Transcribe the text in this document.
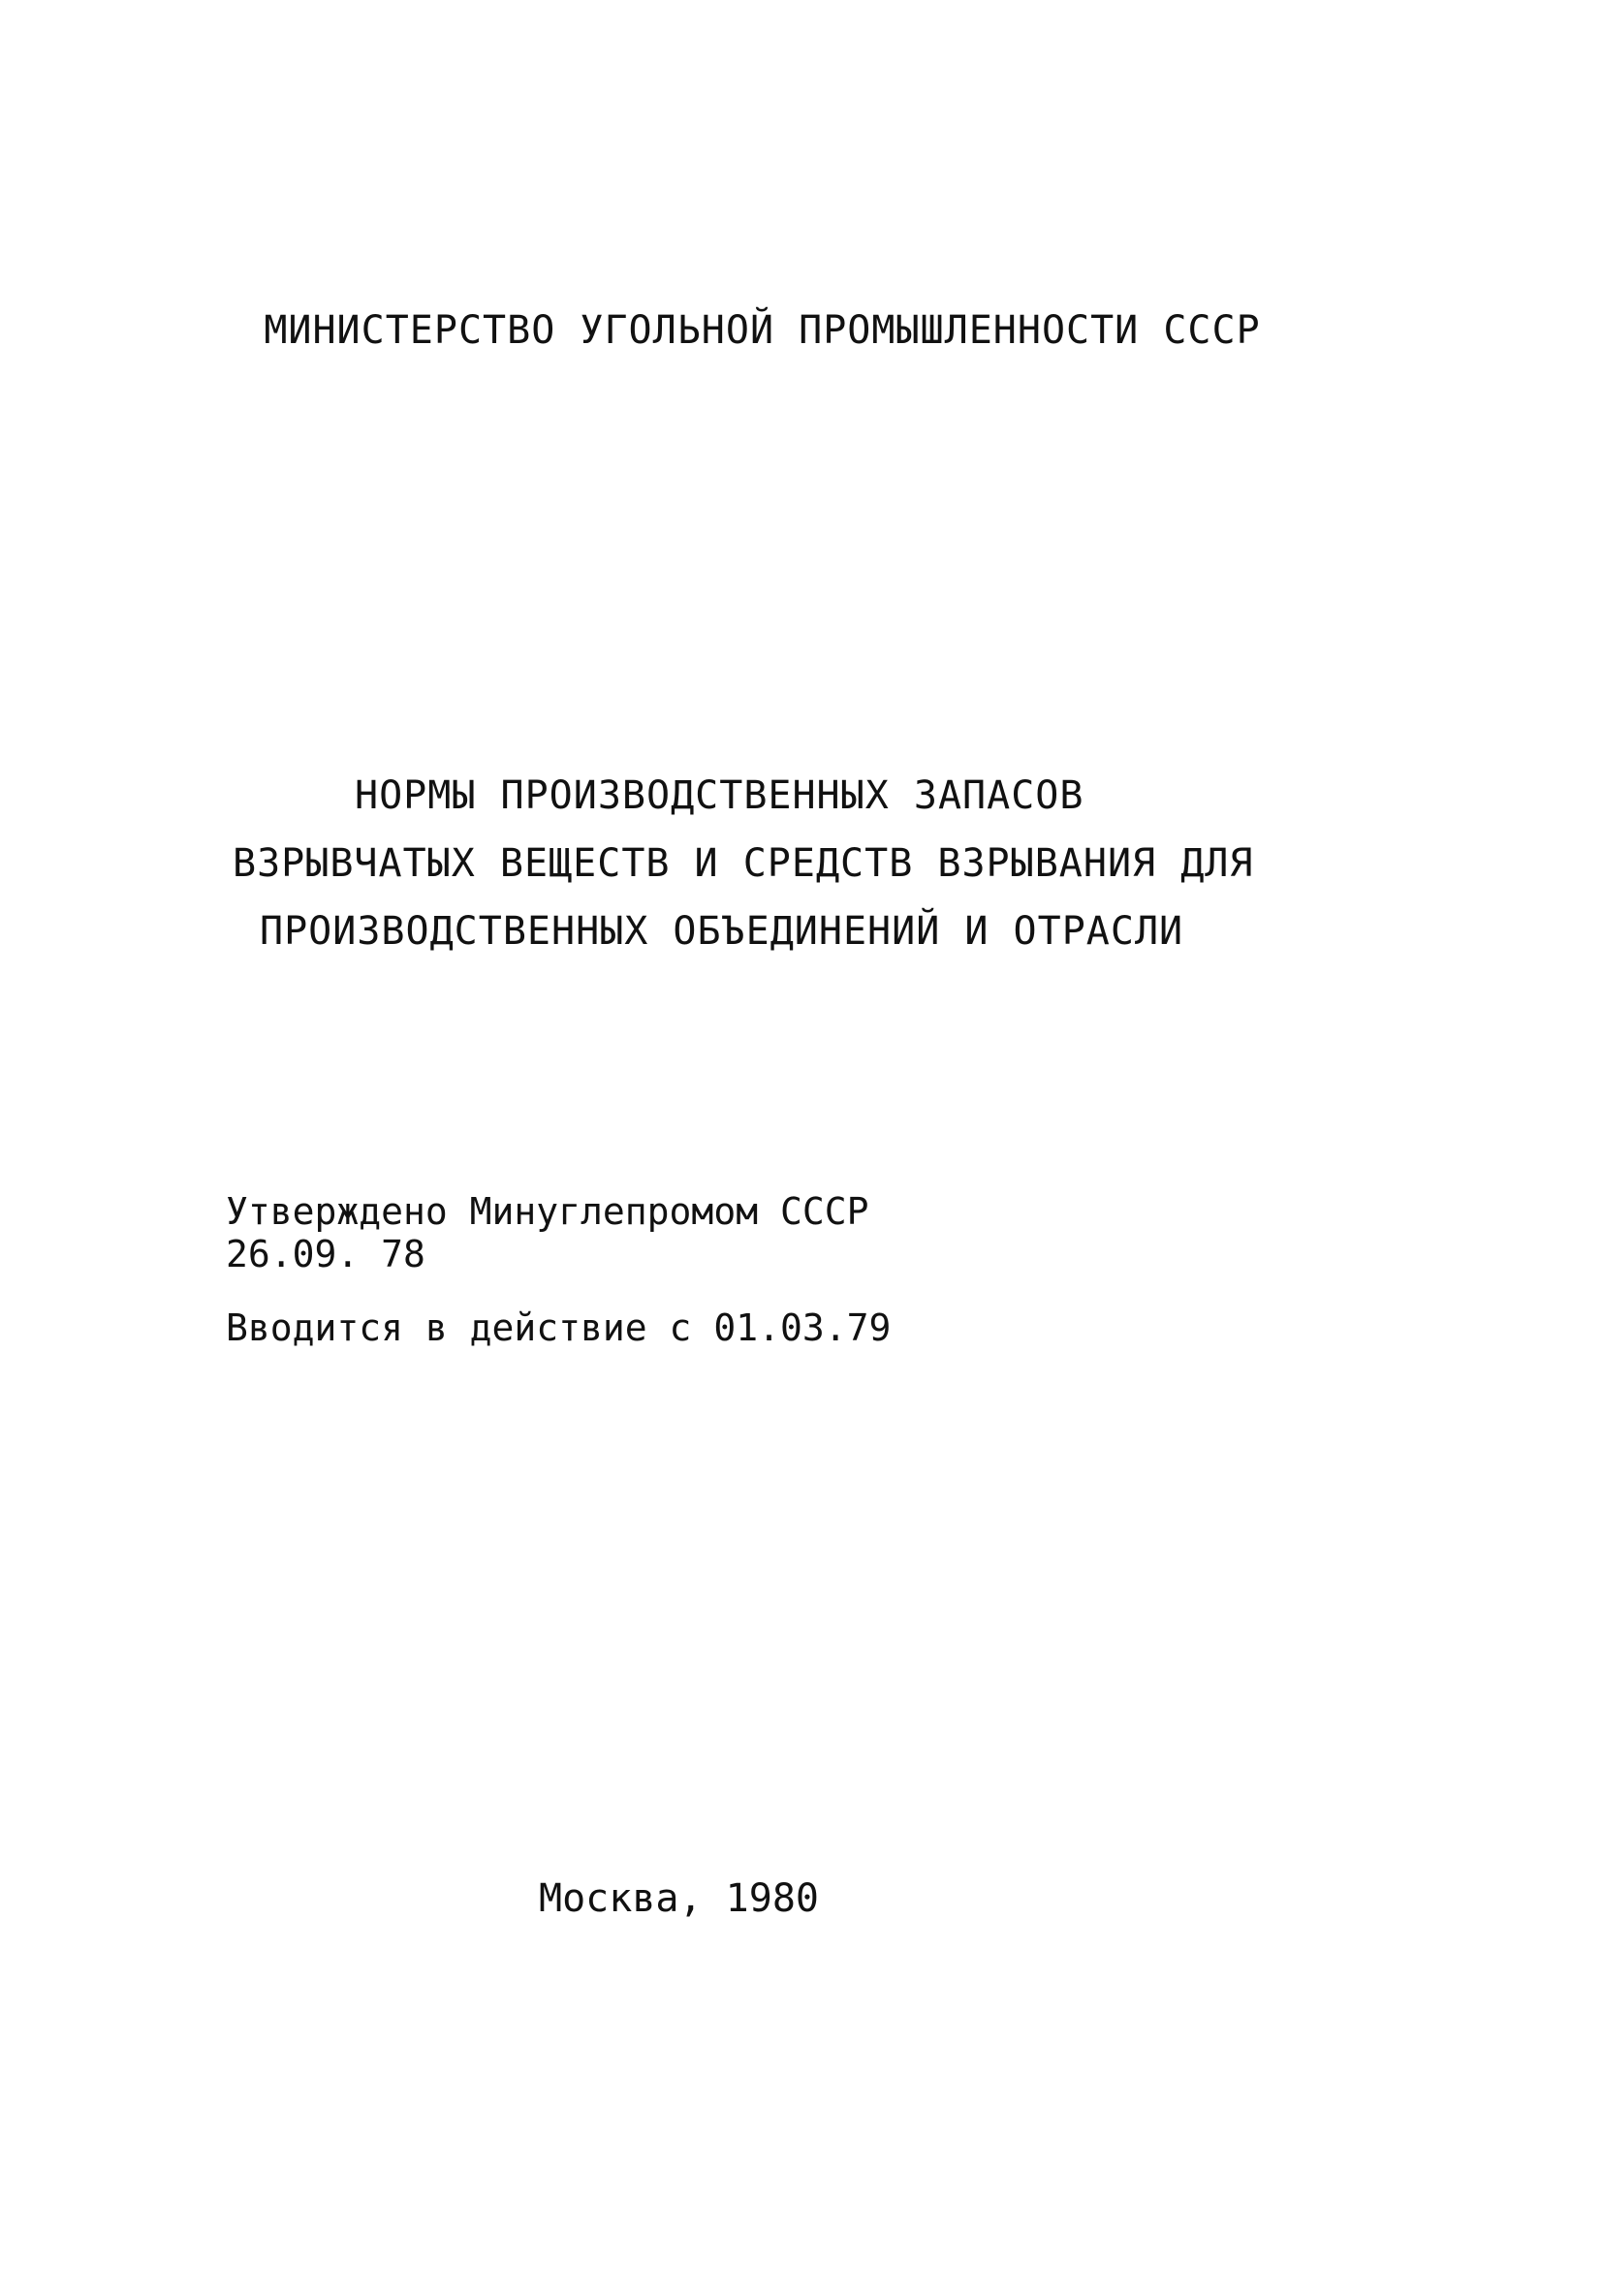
МИНИСТЕРСТВО УГОЛЬНОЙ ПРОМЫШЛЕННОСТИ СССР
НОРМЫ ПРОИЗВОДСТВЕННЫХ ЗАПАСОВ
ВЗРЫВЧАТЫХ ВЕЩЕСТВ И СРЕДСТВ ВЗРЫВАНИЯ ДЛЯ
ПРОИЗВОДСТВЕННЫХ ОБЪЕДИНЕНИЙ И ОТРАСЛИ
Утверждено Минуглепромом СССР
26.09. 78
Вводится в действие с 01.03.79
Москва, 1980
